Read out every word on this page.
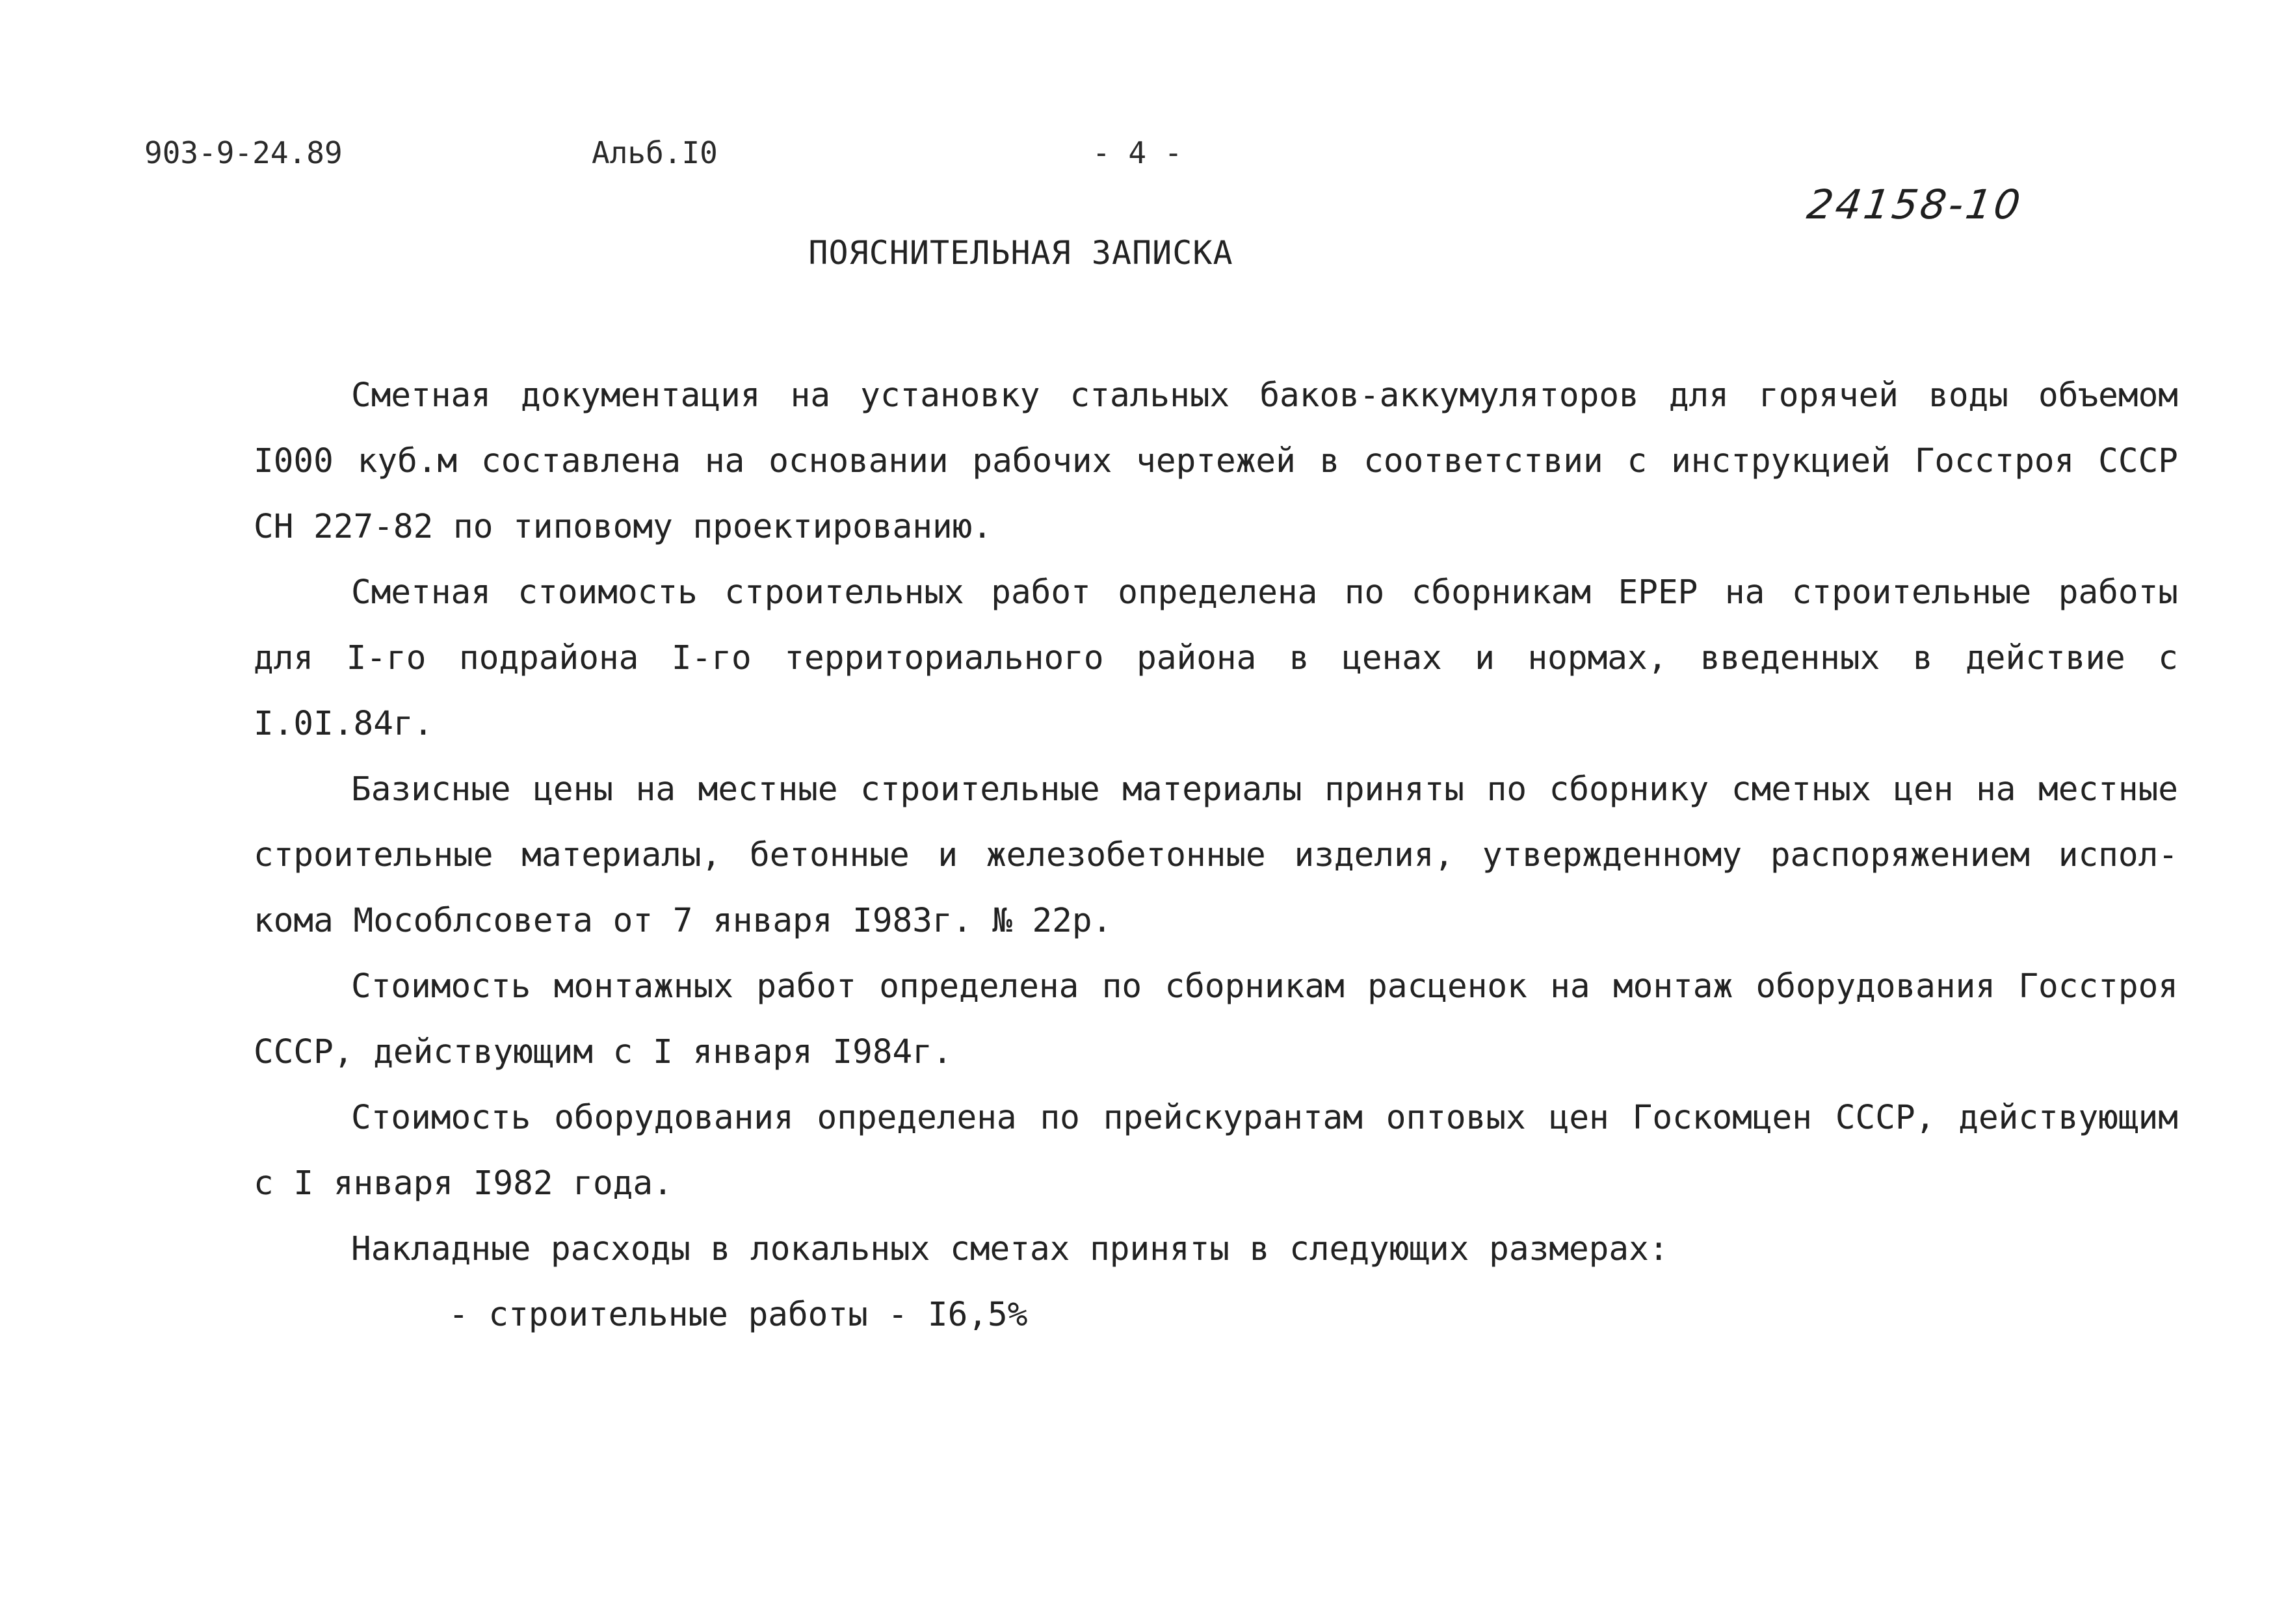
903-9-24.89	Альб.I0	- 4 -
24158-10
ПОЯСНИТЕЛЬНАЯ ЗАПИСКА

Сметная документация на установку стальных баков-аккумуляторов для горячей воды объемом I000 куб.м составлена на основании рабочих чертежей в соответствии с инструкцией Госстроя СССР СН 227-82 по типовому проектированию.

Сметная стоимость строительных работ определена по сборникам ЕРЕР на строительные работы для I-го подрайона I-го территориального района в ценах и нормах, введенных в действие с I.0I.84г.

Базисные цены на местные строительные материалы приняты по сборнику сметных цен на местные строительные материалы, бетонные и железобетонные изделия, утвержденному распоряжением испол-кома Мособлсовета от 7 января I983г. № 22р.

Стоимость монтажных работ определена по сборникам расценок на монтаж оборудования Госстроя СССР, действующим с I января I984г.

Стоимость оборудования определена по прейскурантам оптовых цен Госкомцен СССР, действующим с I января I982 года.

Накладные расходы в локальных сметах приняты в следующих размерах:

- строительные работы - I6,5%
